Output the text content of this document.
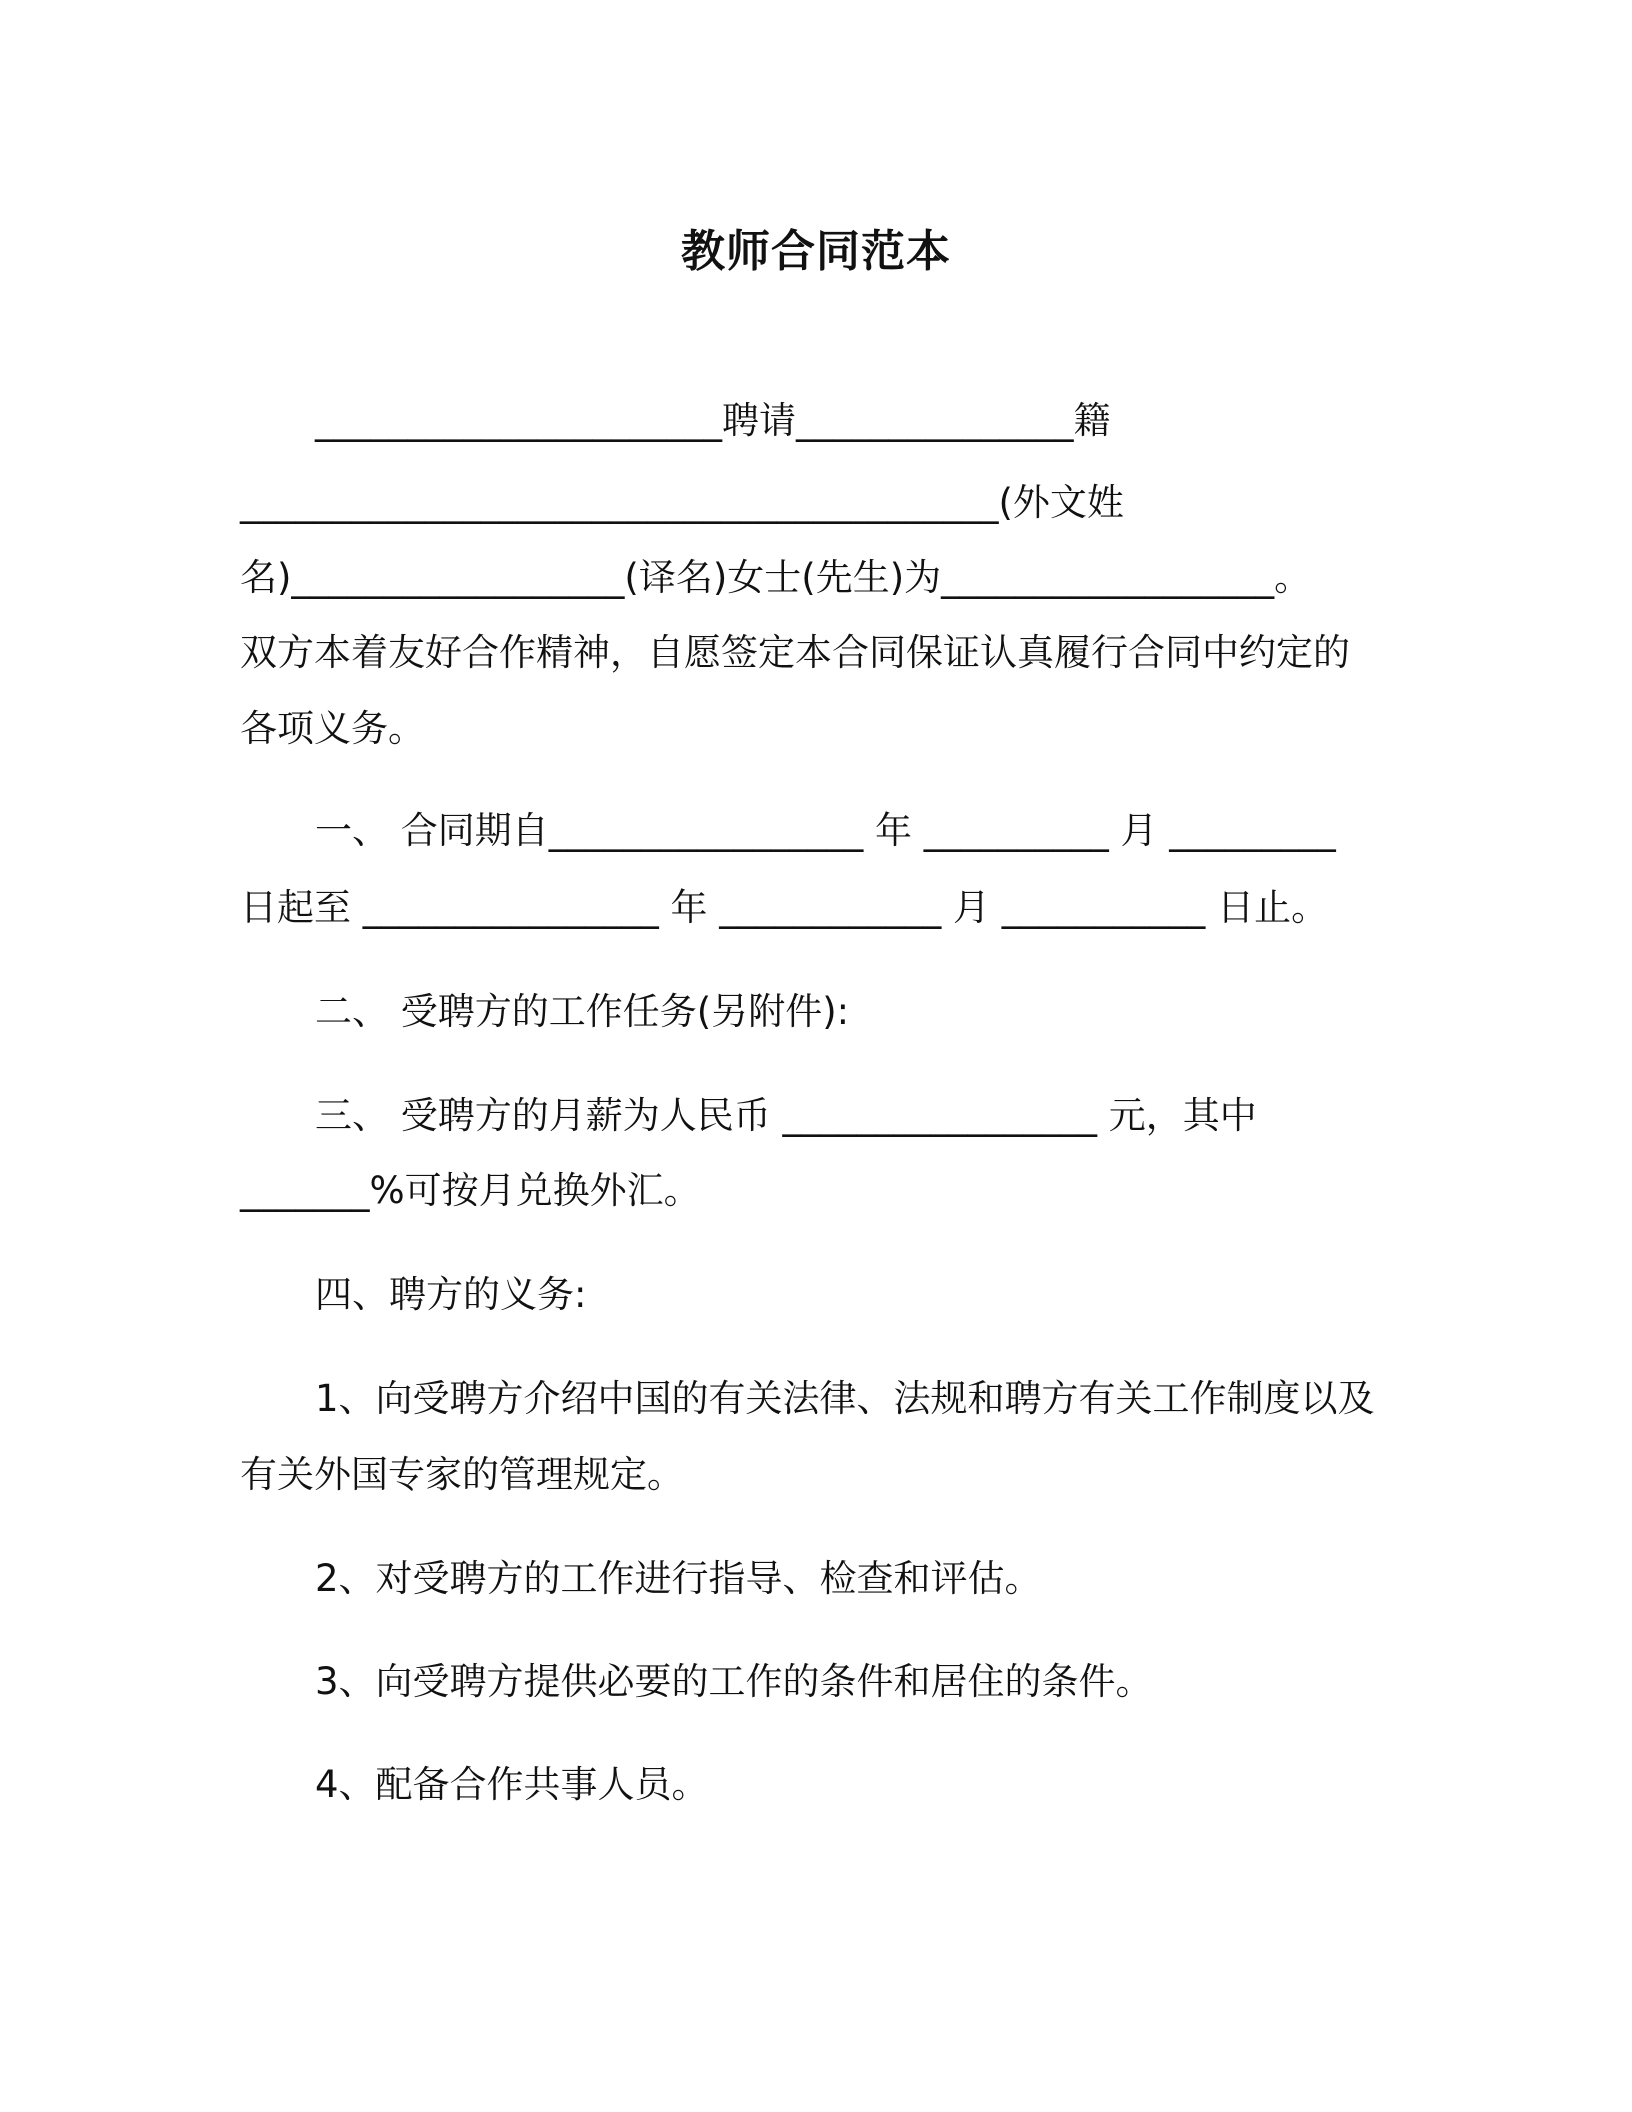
教师合同范本
______________________聘请_______________籍
_________________________________________(外文姓
名)__________________(译名)女士(先生)为__________________。
双方本着友好合作精神，自愿签定本合同保证认真履行合同中约定的
各项义务。
一、 合同期自_________________ 年 __________ 月 _________
日起至 ________________ 年 ____________ 月 ___________ 日止。
二、 受聘方的工作任务(另附件):
三、 受聘方的月薪为人民币 _________________ 元，其中
_______%可按月兑换外汇。
四、聘方的义务:
1、向受聘方介绍中国的有关法律、法规和聘方有关工作制度以及
有关外国专家的管理规定。
2、对受聘方的工作进行指导、检查和评估。
3、向受聘方提供必要的工作的条件和居住的条件。
4、配备合作共事人员。
